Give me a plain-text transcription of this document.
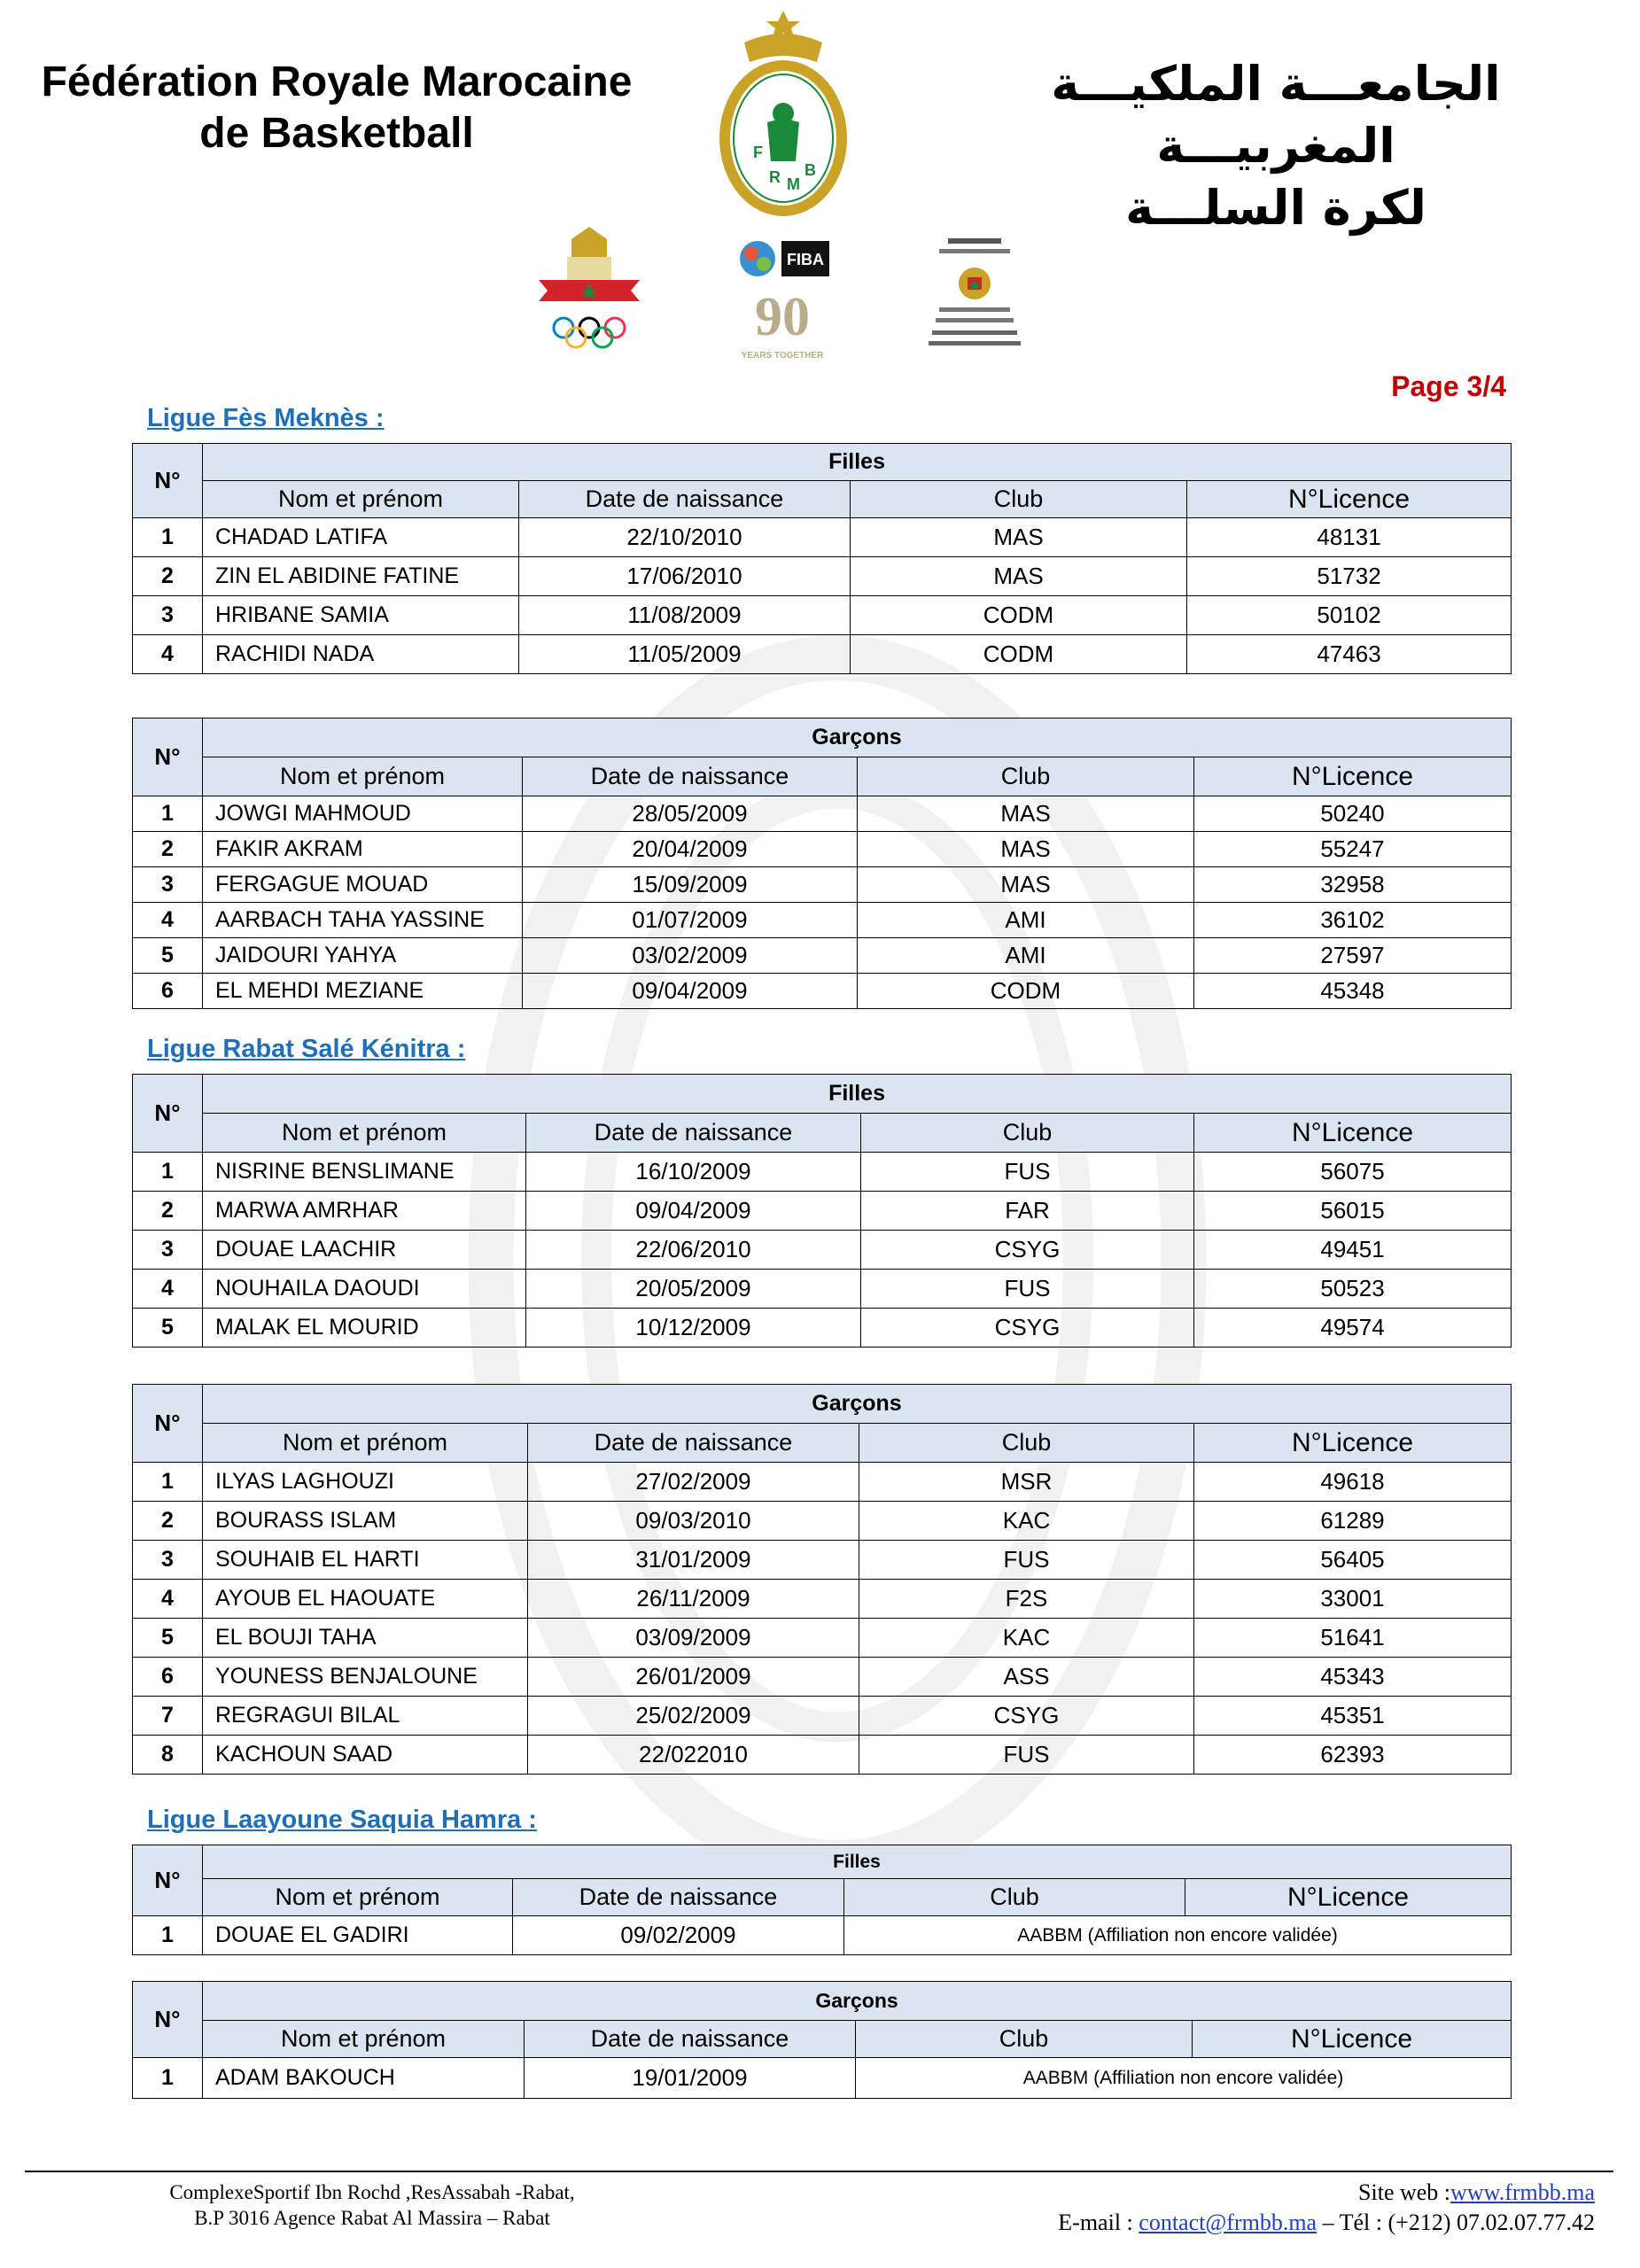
Fédération Royale Marocaine
de Basketball
الجامعـــة الملكيـــة المغربيـــة
لكرة السلـــة
F
R M
B
FIBA
90
YEARS TOGETHER
Page 3/4
Ligue Fès Meknès :
N°	Filles			
	Nom et prénom	Date de naissance	Club	N°Licence
1	CHADAD LATIFA	22/10/2010	MAS	48131
2	ZIN EL ABIDINE FATINE	17/06/2010	MAS	51732
3	HRIBANE SAMIA	11/08/2009	CODM	50102
4	RACHIDI NADA	11/05/2009	CODM	47463
N°	Garçons			
	Nom et prénom	Date de naissance	Club	N°Licence
1	JOWGI MAHMOUD	28/05/2009	MAS	50240
2	FAKIR AKRAM	20/04/2009	MAS	55247
3	FERGAGUE MOUAD	15/09/2009	MAS	32958
4	AARBACH TAHA YASSINE	01/07/2009	AMI	36102
5	JAIDOURI YAHYA	03/02/2009	AMI	27597
6	EL MEHDI MEZIANE	09/04/2009	CODM	45348
Ligue Rabat Salé Kénitra :
N°	Filles			
	Nom et prénom	Date de naissance	Club	N°Licence
1	NISRINE BENSLIMANE	16/10/2009	FUS	56075
2	MARWA AMRHAR	09/04/2009	FAR	56015
3	DOUAE LAACHIR	22/06/2010	CSYG	49451
4	NOUHAILA DAOUDI	20/05/2009	FUS	50523
5	MALAK EL MOURID	10/12/2009	CSYG	49574
N°	Garçons			
	Nom et prénom	Date de naissance	Club	N°Licence
1	ILYAS LAGHOUZI	27/02/2009	MSR	49618
2	BOURASS ISLAM	09/03/2010	KAC	61289
3	SOUHAIB EL HARTI	31/01/2009	FUS	56405
4	AYOUB EL HAOUATE	26/11/2009	F2S	33001
5	EL BOUJI TAHA	03/09/2009	KAC	51641
6	YOUNESS BENJALOUNE	26/01/2009	ASS	45343
7	REGRAGUI BILAL	25/02/2009	CSYG	45351
8	KACHOUN SAAD	22/022010	FUS	62393
Ligue Laayoune Saquia Hamra :
N°	Filles			
	Nom et prénom	Date de naissance	Club	N°Licence
1	DOUAE EL GADIRI	09/02/2009	AABBM (Affiliation non encore validée)	
N°	Garçons			
	Nom et prénom	Date de naissance	Club	N°Licence
1	ADAM BAKOUCH	19/01/2009	AABBM (Affiliation non encore validée)	
ComplexeSportif Ibn Rochd ,ResAssabah -Rabat,
B.P 3016 Agence Rabat Al Massira – Rabat
Site web :www.frmbb.ma
E-mail : contact@frmbb.ma – Tél : (+212) 07.02.07.77.42
